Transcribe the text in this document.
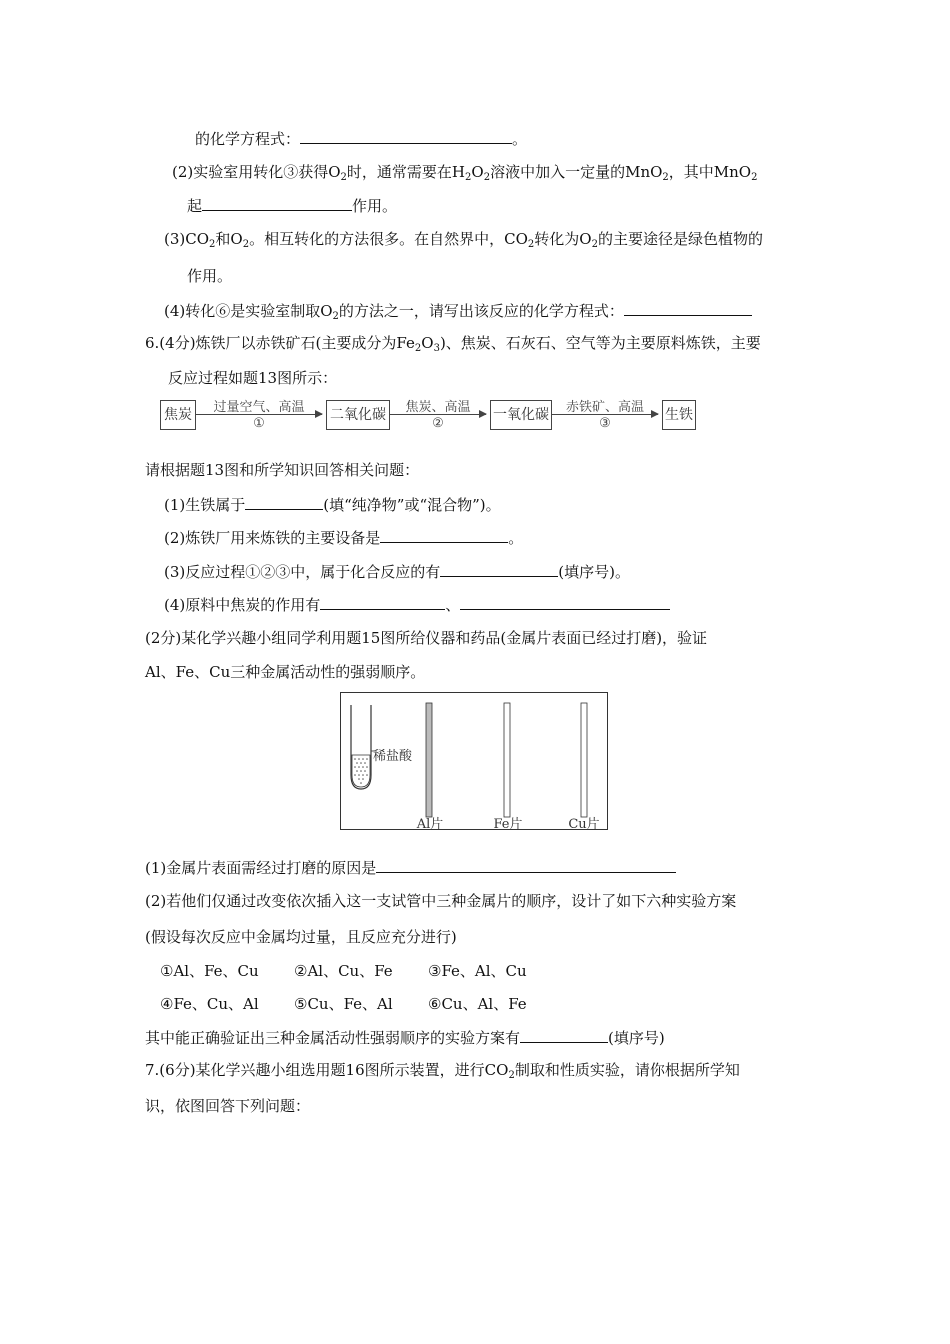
的化学方程式：	。
(2)实验室用转化③获得$O_2$时，通常需要在$H_2O_2$溶液中加入一定量的MnO$_2$，其中MnO$_2$
起	作用。
$(3)CO_2$和$O_2$。相互转化的方法很多。在自然界中，$CO_2$转化为$O_2$的主要途径是绿色植物的
作用。
(4)转化⑥是实验室制取$O_2$的方法之一，请写出该反应的化学方程式：
6.(4分)炼铁厂以赤铁矿石(主要成分为$Fe_2O_3$)、焦炭、石灰石、空气等为主要原料炼铁，主要
反应过程如题13图所示：
焦炭	过量空气、高温
①
二氧化碳	焦炭、高温
②
一氧化碳	赤铁矿、高温
③
生铁
请根据题13图和所学知识回答相关问题：
(1)生铁属于	(填“纯净物”或“混合物”)。
(2)炼铁厂用来炼铁的主要设备是	。
(3)反应过程①②③中，属于化合反应的有	(填序号)。
(4)原料中焦炭的作用有	、
(2分)某化学兴趣小组同学利用题15图所给仪器和药品(金属片表面已经过打磨)，验证
Al、Fe、Cu三种金属活动性的强弱顺序。
稀盐酸
Al片	Fe片	Cu片
(1)金属片表面需经过打磨的原因是
(2)若他们仅通过改变依次插入这一支试管中三种金属片的顺序，设计了如下六种实验方案
(假设每次反应中金属均过量，且反应充分进行)
①Al、Fe、Cu ②Al、Cu、Fe ③Fe、Al、Cu
④Fe、Cu、Al ⑤Cu、Fe、Al ⑥Cu、Al、Fe
其中能正确验证出三种金属活动性强弱顺序的实验方案有	(填序号)
7.(6分)某化学兴趣小组选用题16图所示装置，进行$CO_2$制取和性质实验，请你根据所学知
识，依图回答下列问题：
